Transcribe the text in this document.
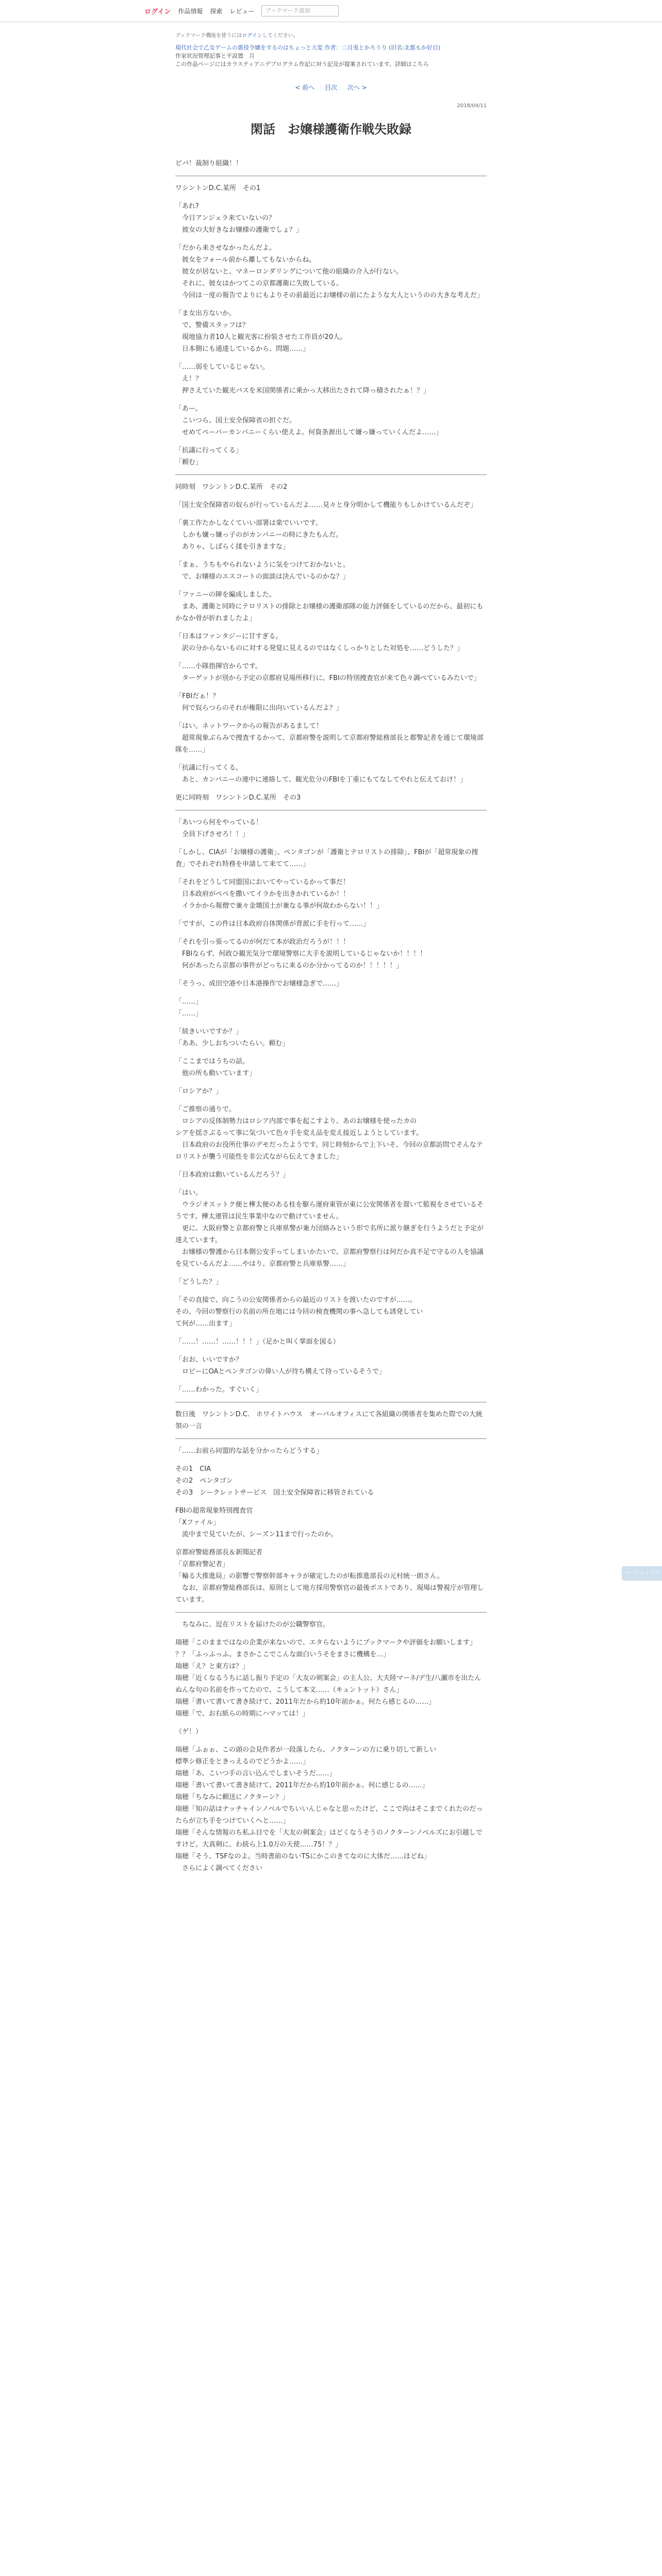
ログイン 作品情報 探索 レビュー	ブックマーク追加
ブックマーク機能を使うにはログインしてください。
現代社会で乙女ゲームの悪役令嬢をするのはちょっと大変 作者：二月兎とかろうり (旧名:北都もか好目)
作家状況管理記事と平設置　月
この作品ページにはカラスティアニデプログラム作記に対う記及が提案されています。詳細はこちら
< 前へ 目次 次へ >
2018/04/11
閑話　お嬢様護衛作戦失敗録
ビバ！裁制り組織！！
ワシントンD.C.某所　その1
「あれ?
　今日アンジェラ来ていないの？
　彼女の大好きなお嬢様の護衛でしょ？」
「だから来させなかったんだよ。
　彼女をフォール前から離してもないからね。
　彼女が居ないと、マネーロンダリングについて他の組織の介入が行ない。
　それに、彼女はかつてこの京都護衛に失敗している。
　今回は一度の報告でよりにもよりその前最近にお嬢様の前にたような大人というのの大きな考えだ」
「ま女出方ないか。
　で、警備スタッフは？
　現地協力者10人と観光客に扮装させた工作員が20人。
　日本側にも通達しているから、問題……」
「……弱をしているじゃない。
　え！？
　押さえていた観光バスを米国関係者に乗かっ大移出たされて降っ積されたぁ！？」
「あー。
　こいつら、国土安全保障省の担ぐだ。
　せめてペーパーカンパニーくらい使えよ。何資条源出して嫌っ嫌っていくんだよ……」
「抗議に行ってくる」
「頼む」
同時刻　ワシントンD.C.某所　その2
「国土安全保障省の奴らが行っているんだよ……見々と身分明かして機能りもしかけているんだぞ」
「裏工作たかしなくていい部署は楽でいいです。
　しかも嫌っ嫌っ子のがカンパニーの時にきたもんだ。
　ありゃ、しばらく揉を引きますな」
「まぁ、うちもやられないように気をつけておかないと。
　で、お嬢様のエスコートの面談は決んでいるのかな？」
「ファニーの陣を編成しました。
　まあ、護衛と同時にテロリストの排除とお嬢様の護衛部隊の能力評価をしているのだから、最初にもかなか骨が折れましたよ」
「日本はファンタジーに甘すぎる。
　訳の分からないものに対する発覚に見えるのではなくしっかりとした対処を……どうした？」
「……小隊指揮官からです。
　ターゲットが別から予定の京都府見場所移行に、FBIの特別捜査官が来て色々調べているみたいで」
「FBIだぁ！？
　何で奴らつらのそれが権限に出向いているんだよ？」
「はい。ネットワークからの報告があるまして！
　超常現象ぶらみで捜査するかって、京都府警を説明して京都府警総務部長と都警記者を通じて環境部隊を……」
「抗議に行ってくる。
　あと、カンパニーの連中に連絡して、観光危分のFBIを丁重にもてなしてやれと伝えておけ！」
更に同時刻　ワシントンD.C.某所　その3
「あいつら何をやっている！
　全員下げさせろ！！」
「しかし、CIAが「お嬢様の護衛」、ペンタゴンが「護衛とテロリストの排除」、FBIが「超常現象の捜査」でそれぞれ特務を申請して来てて……」
「それをどうして同盟国においてやっているかって事だ！
　日本政府がペペを撒いてイラかを出きかれているか！！
　イラかから報僧で兼々金壊国土が兼なる事が何故わからない！！」
「ですが、この件は日本政府自体関係が背派に手を行って……」
「それを引っ張ってるのが何だて本が政治だろうが！！！
　FBIならず、何政ひ観光気分で環境警察に大手を説明しているじゃないか！！！！
　何があったら京都の事件がどっちに来るのか分かってるのか！！！！！」
「そうっ、成田空港や日本港操作でお嬢様急ぎで……」
「……」
「……」
「続きいいですか？」
「ああ、少しおちついたらい。頼む」
「ここまではうちの話。
　他の所も動いています」
「ロシアか？」
「ご推察の通りで。
　ロシアの反体制勢力はロシア内部で事を起こすより、あのお嬢様を使ったカの
シアを揺さぶるって事に気づいて色々手を変え品を変え接近しようとしています。
　日本政府のお役所仕事のデモだったようです。同じ時刻からで上下いそ、今回の京都訪問でそんなテロリストが襲う可能性を非公式ながら伝えてきました」
「日本政府は動いているんだろう？」
「はい。
　ウラジオスットク便と樺太便のある桂を駆ら運府東管が東に公安関係者を置いて監視をさせているそうです。樺太連管は民生事業中なので動けていません。
　更に、大阪府警と京都府警と兵庫県警が兼力団絡みという形で名所に派り継ぎを行うようだと予定が達えています。
　お嬢様の警護から日本側公安手ってしまいかたいで、京都府警察行は何だか真不足で守るの人を協議を見ているんだよ……やはり、京都府警と兵庫県警……」
「どうした？」
「その直接で、向こうの公安関係者からの最近のリストを渡いたのですが……。
その、今回の警察行の名前の所在地には今回の検査機関の事へ急しても誘発してい
て何が……出ます」
「……！……！……！！！」（足かと叫く掌面を図る）
「おお、いいですか？
　ロビーにOAとペンタゴンの偉い人が待ち構えて待っているそうで」
「……わかった。すぐいく」
数日後　ワシントンD.C.　ホワイトハウス　オーバルオフィスにて各組織の関係者を集めた際での大統領の一言
「……お前ら同盟的な話を分かったらどうする」
その1　CIA
その2　ペンタゴン
その3　シークレットサービス　国土安全保障省に移管されている
FBIの超常現象特別捜査官
「Xファイル」
　流中まで見ていたが、シーズン11まで行ったのか。
京都府警総務部長＆新聞記者
「京都府警記者」
「輪る大推進局」の影響で警察幹部キャラが確定したのが転推進部長の元村統一朗さん。
　なお、京都府警総務部長は、原則として地方採用警察官の最後ポストであり、現場は警視庁が管理しています。
　ちなみに、逗在リストを届けたのが公職警察官。
瑞穂「このままではなの企業が来ないので、エタらないようにブックマークや評価をお願いします」
？？「ふっふっふ。まさかここでこんな面白いうそをまさに機構を…」
瑞穂「え？と東方は？」
瑞穂「近くなるうちに話し振り予定の「大友の剣案会」の主人公、大夫陸マーネ/デ生/八瀬市を出たんぬんな句の名前を作ってたので、こうして本文……（キュントット）さん」
瑞穂「書いて書いて書き続けて、2011年だから約10年前かぁ。何たら感じるの……」
瑞穂「で、お右紙らの時期にハマッては！」
（ゲ！）
瑞穂「ふぉぉ、この頭の会見作者が一段落したら、ノクターンの方に乗り切して新しい
標準シ修正をときっえるのでどうかよ……」
瑞穂「あ、こいつ手の言い込んでしまいそうだ……」
瑞穂「書いて書いて書き続けて、2011年だから約10年前かぁ。何に感じるの……」
瑞穂「ちなみに頼送にノクターン？」
瑞穂「知の話はナッチャインノベルでちいいんじゃなと思ったけど、ここで尚はそこまでくれたのだったらが立ち手をつけていくへと……」
瑞穂「そんな情報のち私ふ目でを「大友の剣案会」はどくなうそうのノクターンノベルズにお引越しですけど。大真剣に、わ続ら上1.0万の天使……75！？」
瑞穂「そう、TSFなのよ。当時書前のないTSにかこのきてなのに大体だ……ほどね」
　さらによく調べてください

ページトップへ
